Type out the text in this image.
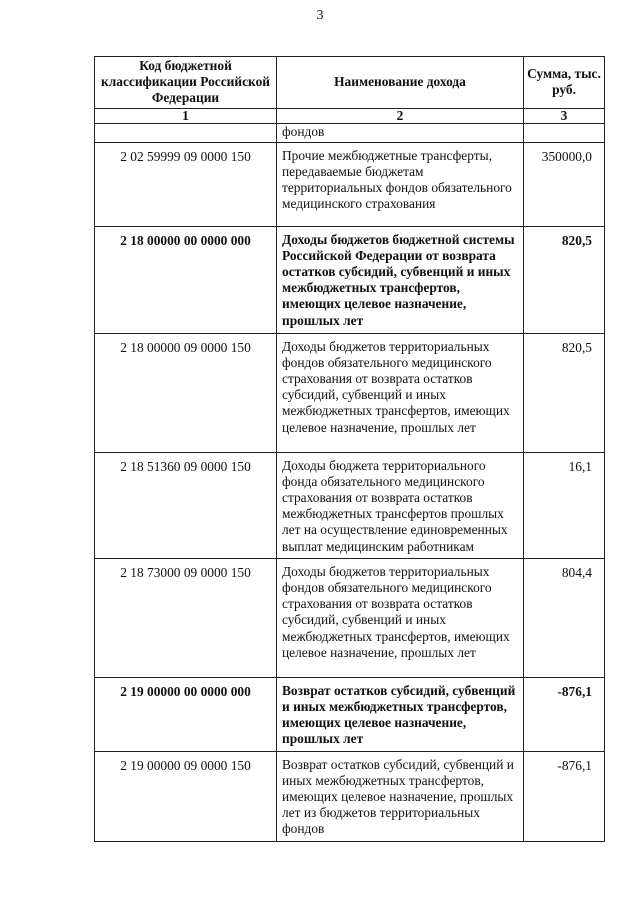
3
Код бюджетной классификации Российской Федерации	Наименование дохода	Сумма, тыс. руб.
1	2	3
	фондов	
2 02 59999 09 0000 150	Прочие межбюджетные трансферты, передаваемые бюджетам территориальных фондов обязательного медицинского страхования	350000,0
2 18 00000 00 0000 000	Доходы бюджетов бюджетной системы Российской Федерации от возврата остатков субсидий, субвенций и иных межбюджетных трансфертов, имеющих целевое назначение, прошлых лет	820,5
2 18 00000 09 0000 150	Доходы бюджетов территориальных фондов обязательного медицинского страхования от возврата остатков субсидий, субвенций и иных межбюджетных трансфертов, имеющих целевое назначение, прошлых лет	820,5
2 18 51360 09 0000 150	Доходы бюджета территориального фонда обязательного медицинского страхования от возврата остатков межбюджетных трансфертов прошлых лет на осуществление единовременных выплат медицинским работникам	16,1
2 18 73000 09 0000 150	Доходы бюджетов территориальных фондов обязательного медицинского страхования от возврата остатков субсидий, субвенций и иных межбюджетных трансфертов, имеющих целевое назначение, прошлых лет	804,4
2 19 00000 00 0000 000	Возврат остатков субсидий, субвенций и иных межбюджетных трансфертов, имеющих целевое назначение, прошлых лет	-876,1
2 19 00000 09 0000 150	Возврат остатков субсидий, субвенций и иных межбюджетных трансфертов, имеющих целевое назначение, прошлых лет из бюджетов территориальных фондов	-876,1
